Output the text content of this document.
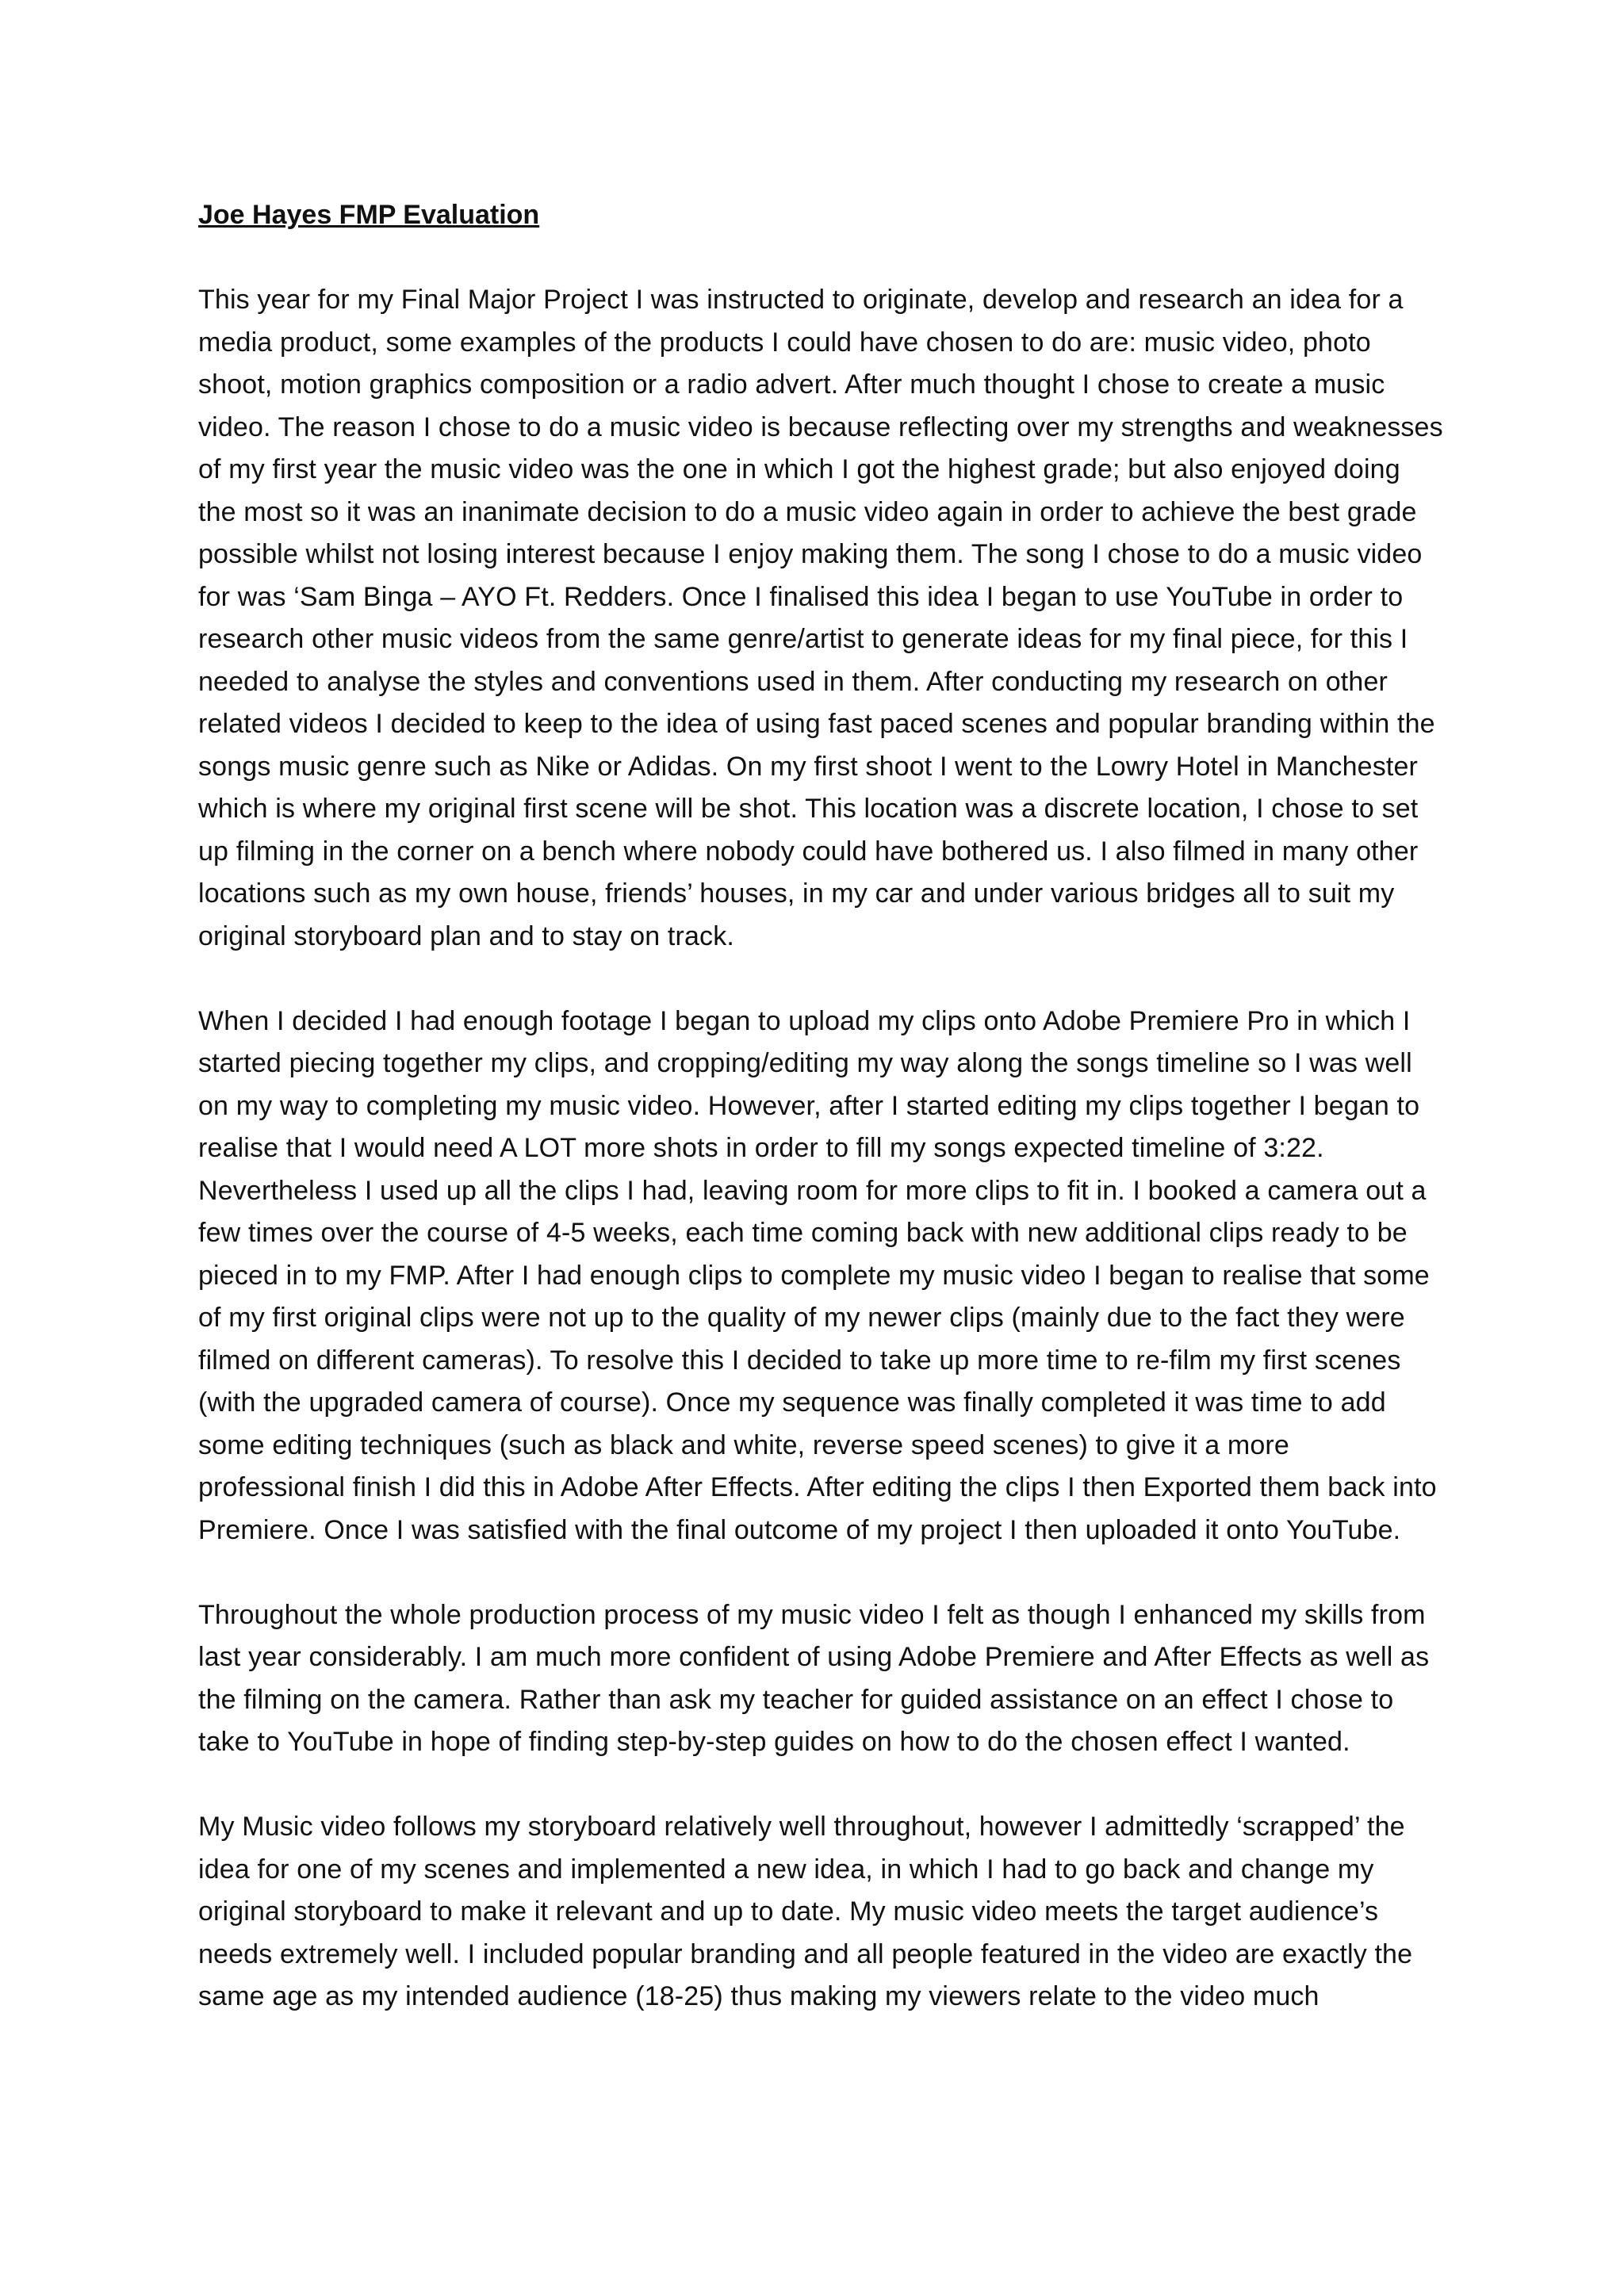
Joe Hayes FMP Evaluation

This year for my Final Major Project I was instructed to originate, develop and research an idea for a media product, some examples of the products I could have chosen to do are: music video, photo shoot, motion graphics composition or a radio advert. After much thought I chose to create a music video. The reason I chose to do a music video is because reflecting over my strengths and weaknesses of my first year the music video was the one in which I got the highest grade; but also enjoyed doing the most so it was an inanimate decision to do a music video again in order to achieve the best grade possible whilst not losing interest because I enjoy making them. The song I chose to do a music video for was ‘Sam Binga – AYO Ft. Redders. Once I finalised this idea I began to use YouTube in order to research other music videos from the same genre/artist to generate ideas for my final piece, for this I needed to analyse the styles and conventions used in them. After conducting my research on other related videos I decided to keep to the idea of using fast paced scenes and popular branding within the songs music genre such as Nike or Adidas. On my first shoot I went to the Lowry Hotel in Manchester which is where my original first scene will be shot. This location was a discrete location, I chose to set up filming in the corner on a bench where nobody could have bothered us. I also filmed in many other locations such as my own house, friends’ houses, in my car and under various bridges all to suit my original storyboard plan and to stay on track.

When I decided I had enough footage I began to upload my clips onto Adobe Premiere Pro in which I started piecing together my clips, and cropping/editing my way along the songs timeline so I was well on my way to completing my music video. However, after I started editing my clips together I began to realise that I would need A LOT more shots in order to fill my songs expected timeline of 3:22. Nevertheless I used up all the clips I had, leaving room for more clips to fit in. I booked a camera out a few times over the course of 4-5 weeks, each time coming back with new additional clips ready to be pieced in to my FMP. After I had enough clips to complete my music video I began to realise that some of my first original clips were not up to the quality of my newer clips (mainly due to the fact they were filmed on different cameras). To resolve this I decided to take up more time to re-film my first scenes (with the upgraded camera of course). Once my sequence was finally completed it was time to add some editing techniques (such as black and white, reverse speed scenes) to give it a more professional finish I did this in Adobe After Effects. After editing the clips I then Exported them back into Premiere. Once I was satisfied with the final outcome of my project I then uploaded it onto YouTube.

Throughout the whole production process of my music video I felt as though I enhanced my skills from last year considerably. I am much more confident of using Adobe Premiere and After Effects as well as the filming on the camera. Rather than ask my teacher for guided assistance on an effect I chose to take to YouTube in hope of finding step-by-step guides on how to do the chosen effect I wanted.

My Music video follows my storyboard relatively well throughout, however I admittedly ‘scrapped’ the idea for one of my scenes and implemented a new idea, in which I had to go back and change my original storyboard to make it relevant and up to date. My music video meets the target audience’s needs extremely well. I included popular branding and all people featured in the video are exactly the same age as my intended audience (18-25) thus making my viewers relate to the video much
